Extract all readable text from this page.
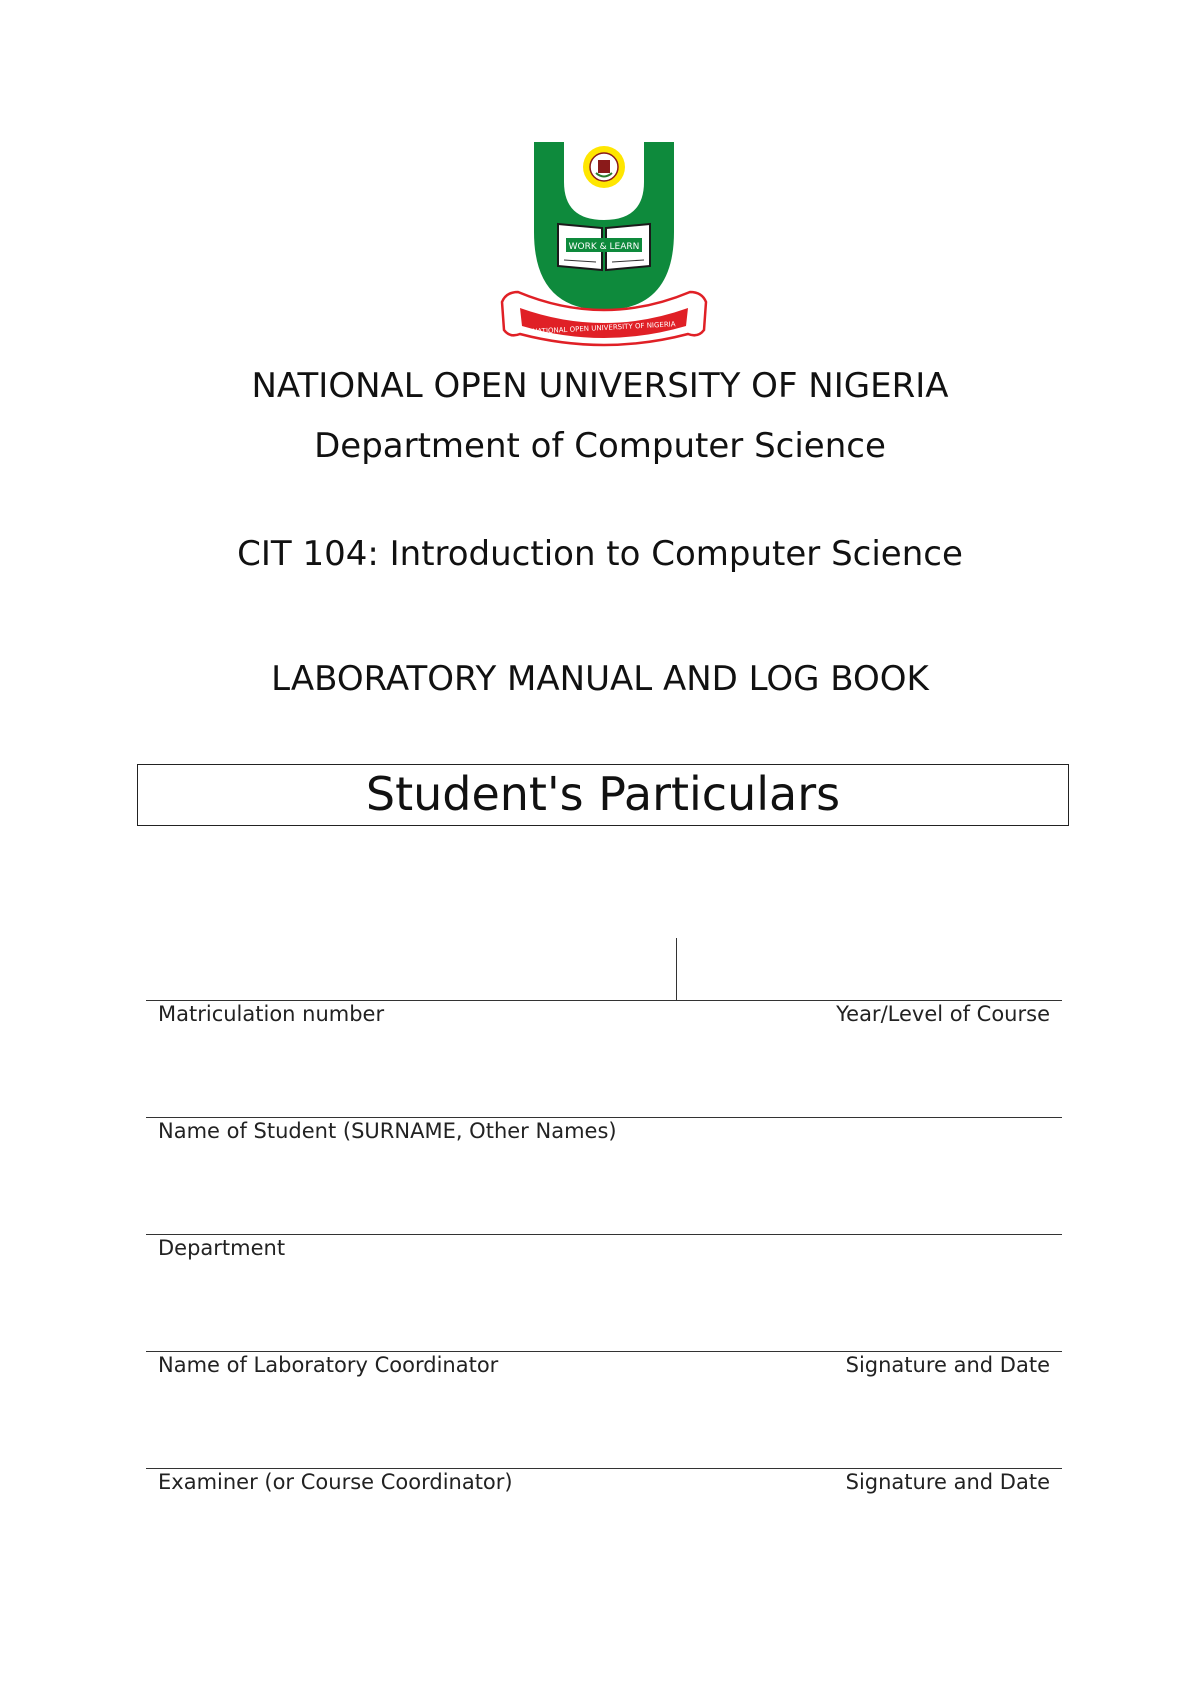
WORK & LEARN
NATIONAL OPEN UNIVERSITY OF NIGERIA
NATIONAL OPEN UNIVERSITY OF NIGERIA
Department of Computer Science
CIT 104: Introduction to Computer Science
LABORATORY MANUAL AND LOG BOOK
Student's Particulars
Matriculation number	Year/Level of Course
Name of Student (SURNAME, Other Names)
Department
Name of Laboratory Coordinator	Signature and Date
Examiner (or Course Coordinator)	Signature and Date
